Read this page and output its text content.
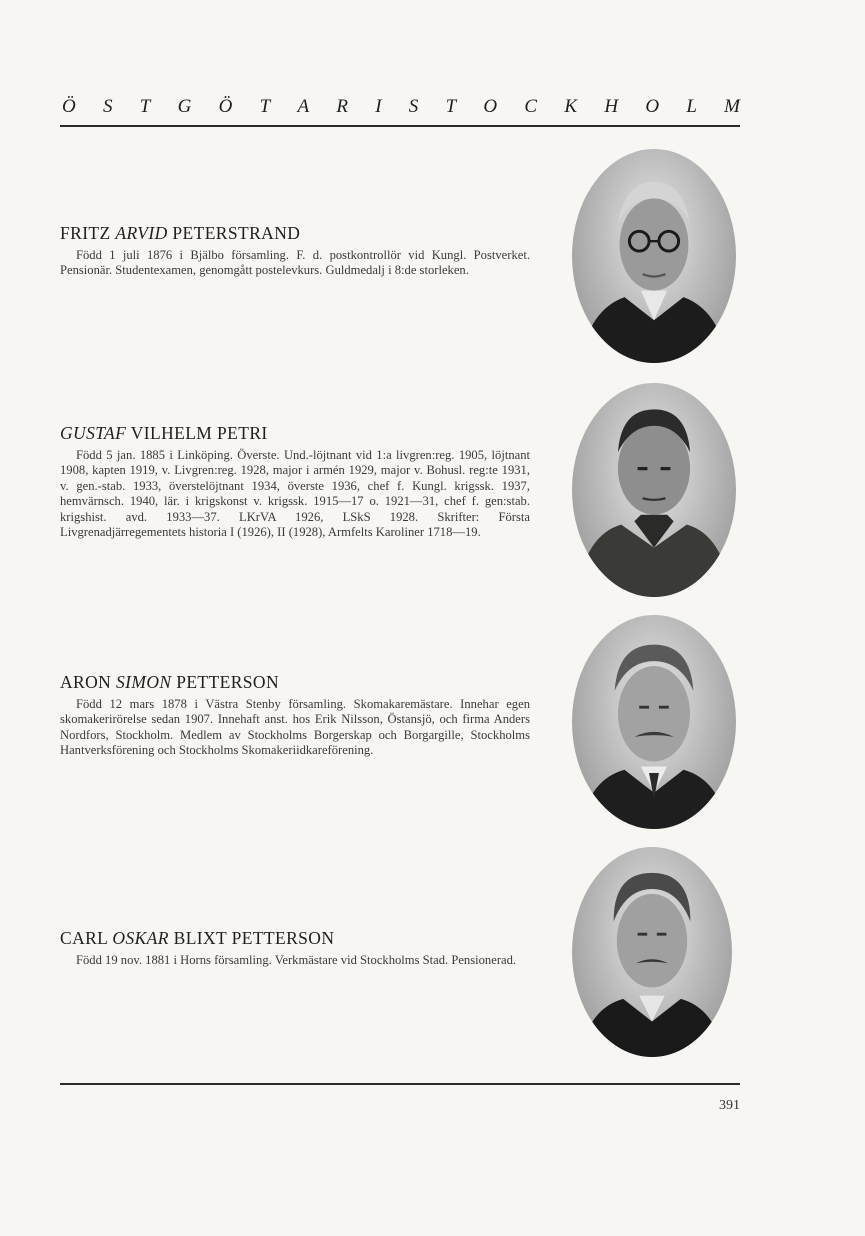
Ö S T G Ö T A R I S T O C K H O L M
FRITZ ARVID PETERSTRAND
Född 1 juli 1876 i Bjälbo församling. F. d. postkontrollör vid Kungl. Postverket. Pensionär. Studentexamen, genomgått postelevkurs. Guldmedalj i 8:de storleken.
GUSTAF VILHELM PETRI
Född 5 jan. 1885 i Linköping. Överste. Und.-löjtnant vid 1:a livgren:reg. 1905, löjtnant 1908, kapten 1919, v. Livgren:reg. 1928, major i armén 1929, major v. Bohusl. reg:te 1931, v. gen.-stab. 1933, överstelöjtnant 1934, överste 1936, chef f. Kungl. krigssk. 1937, hemvärnsch. 1940, lär. i krigskonst v. krigssk. 1915—17 o. 1921—31, chef f. gen:stab. krigshist. avd. 1933—37. LKrVA 1926, LSkS 1928. Skrifter: Första Livgrenadjärregementets historia I (1926), II (1928), Armfelts Karoliner 1718—19.
ARON SIMON PETTERSON
Född 12 mars 1878 i Västra Stenby församling. Skomakaremästare. Innehar egen skomakerirörelse sedan 1907. Innehaft anst. hos Erik Nilsson, Östansjö, och firma Anders Nordfors, Stockholm. Medlem av Stockholms Borgerskap och Borgargille, Stockholms Hantverksförening och Stockholms Skomakeriidkareförening.
CARL OSKAR BLIXT PETTERSON
Född 19 nov. 1881 i Horns församling. Verkmästare vid Stockholms Stad. Pensionerad.
391
